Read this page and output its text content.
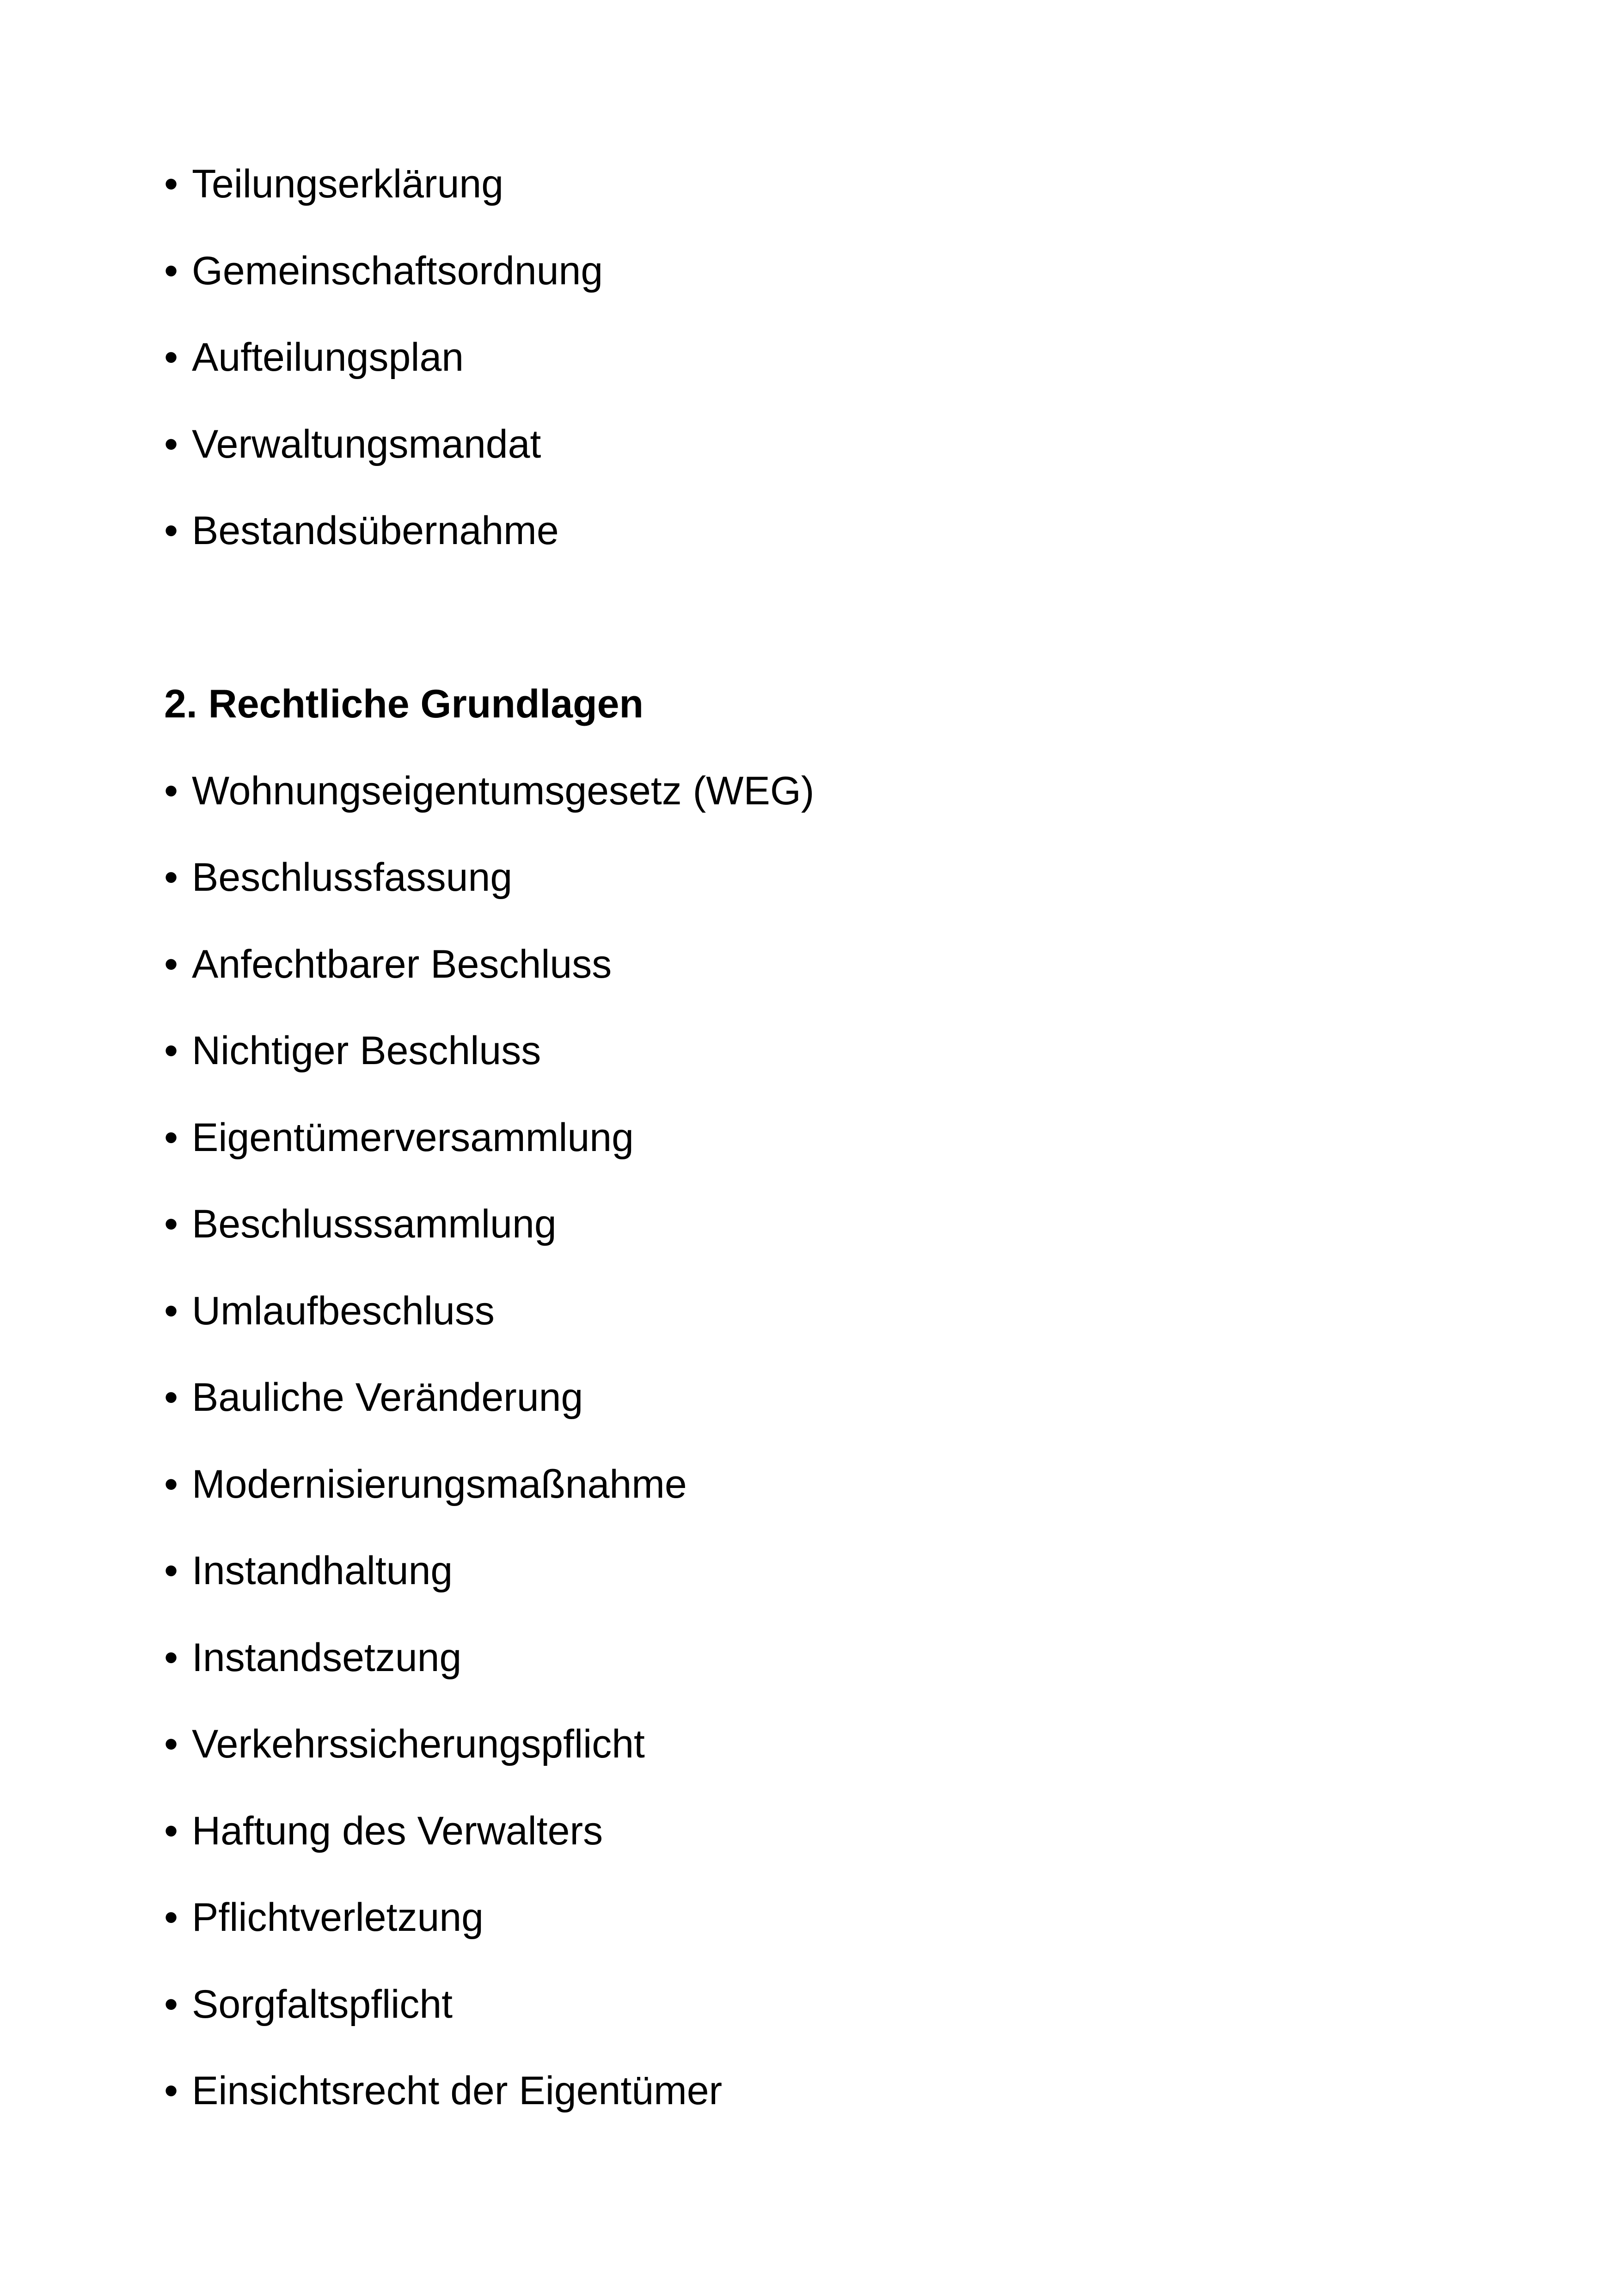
• Teilungserklärung
• Gemeinschaftsordnung
• Aufteilungsplan
• Verwaltungsmandat
• Bestandsübernahme
2. Rechtliche Grundlagen
• Wohnungseigentumsgesetz (WEG)
• Beschlussfassung
• Anfechtbarer Beschluss
• Nichtiger Beschluss
• Eigentümerversammlung
• Beschlusssammlung
• Umlaufbeschluss
• Bauliche Veränderung
• Modernisierungsmaßnahme
• Instandhaltung
• Instandsetzung
• Verkehrssicherungspflicht
• Haftung des Verwalters
• Pflichtverletzung
• Sorgfaltspflicht
• Einsichtsrecht der Eigentümer
